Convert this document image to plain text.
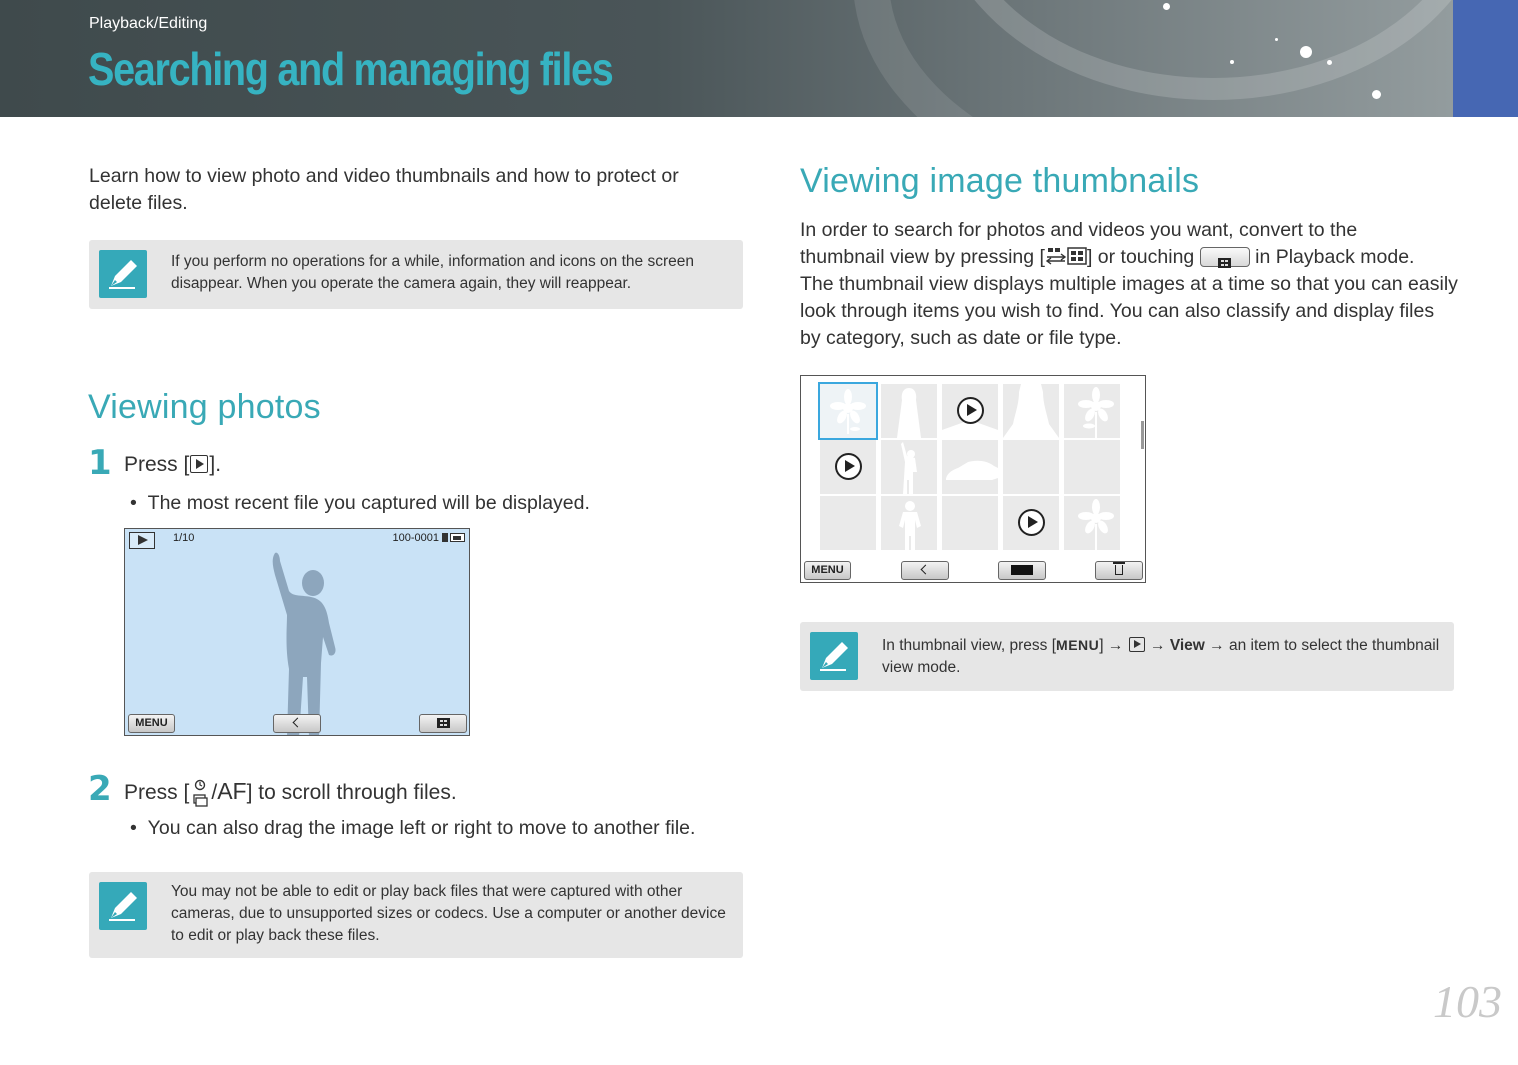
Playback/Editing
Searching and managing files
Learn how to view photo and video thumbnails and how to protect or delete files.
If you perform no operations for a while, information and icons on the screen disappear. When you operate the camera again, they will reappear.
Viewing photos
1 Press [ ].
•  The most recent file you captured will be displayed.
1/10	100-0001
MENU
2 Press [ /AF] to scroll through files.
•  You can also drag the image left or right to move to another file.
You may not be able to edit or play back files that were captured with other cameras, due to unsupported sizes or codecs. Use a computer or another device to edit or play back these files.
Viewing image thumbnails
In order to search for photos and videos you want, convert to the
thumbnail view by pressing [ ] or touching	in Playback mode.
The thumbnail view displays multiple images at a time so that you can easily look through items you wish to find. You can also classify and display files by category, such as date or file type.
MENU
In thumbnail view, press [MENU] →  → View → an item to select the thumbnail view mode.
103
